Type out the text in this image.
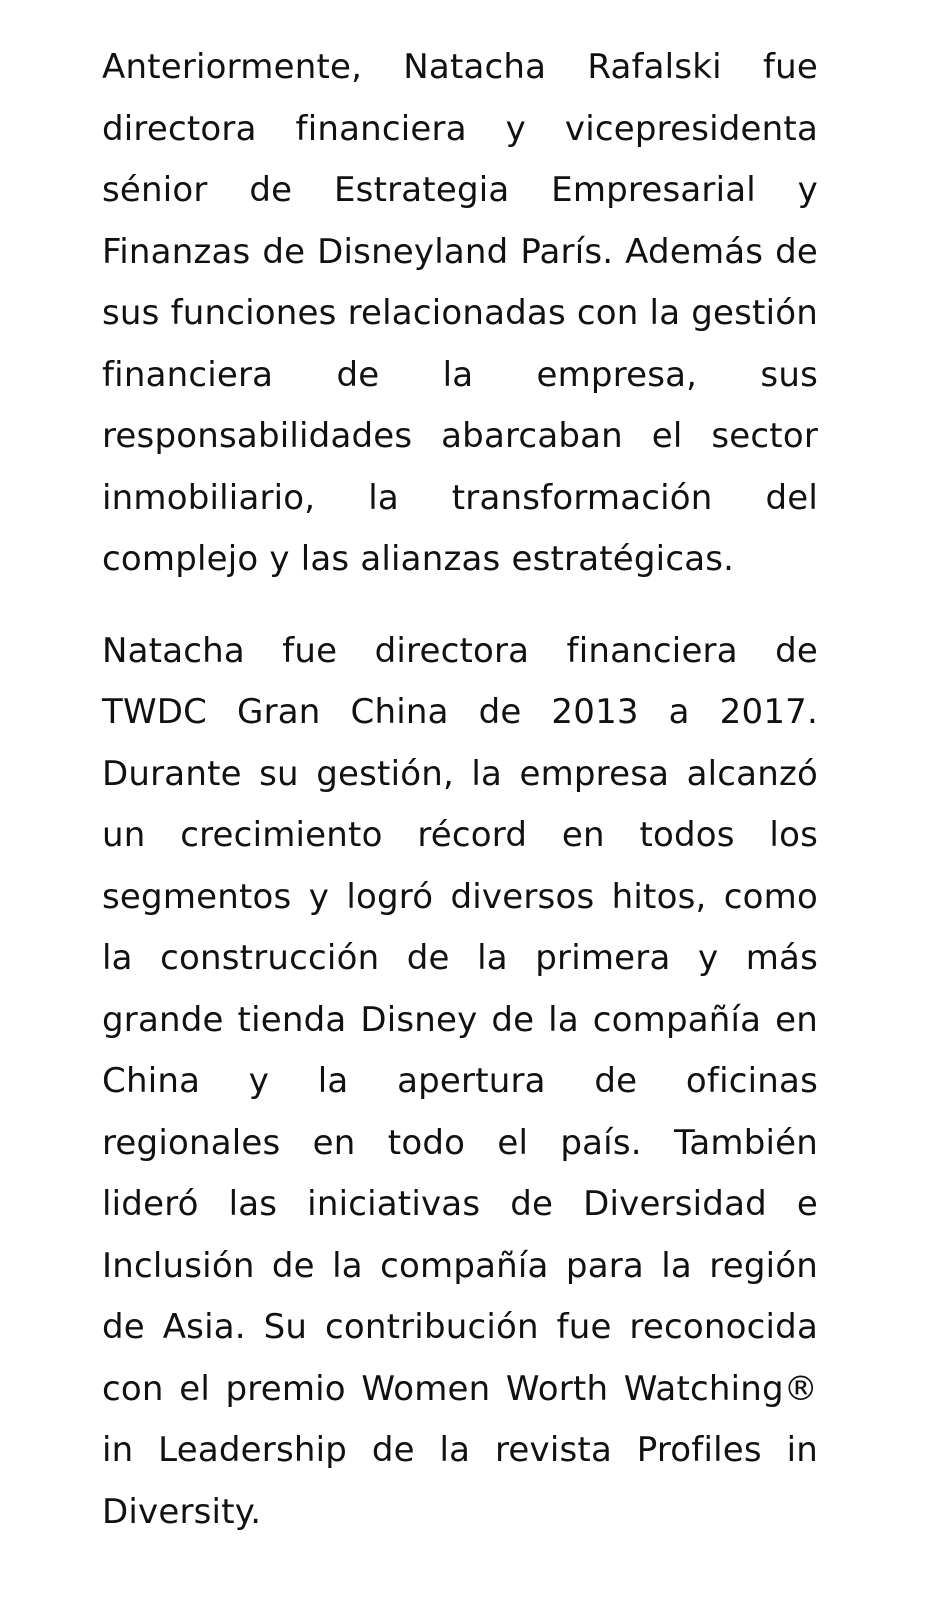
Anteriormente, Natacha Rafalski fue directora financiera y vicepresidenta sénior de Estrategia Empresarial y Finanzas de Disneyland París. Además de sus funciones relacionadas con la gestión financiera de la empresa, sus responsabilidades abarcaban el sector inmobiliario, la transformación del complejo y las alianzas estratégicas.

Natacha fue directora financiera de TWDC Gran China de 2013 a 2017. Durante su gestión, la empresa alcanzó un crecimiento récord en todos los segmentos y logró diversos hitos, como la construcción de la primera y más grande tienda Disney de la compañía en China y la apertura de oficinas regionales en todo el país. También lideró las iniciativas de Diversidad e Inclusión de la compañía para la región de Asia. Su contribución fue reconocida con el premio Women Worth Watching® in Leadership de la revista Profiles in Diversity.
